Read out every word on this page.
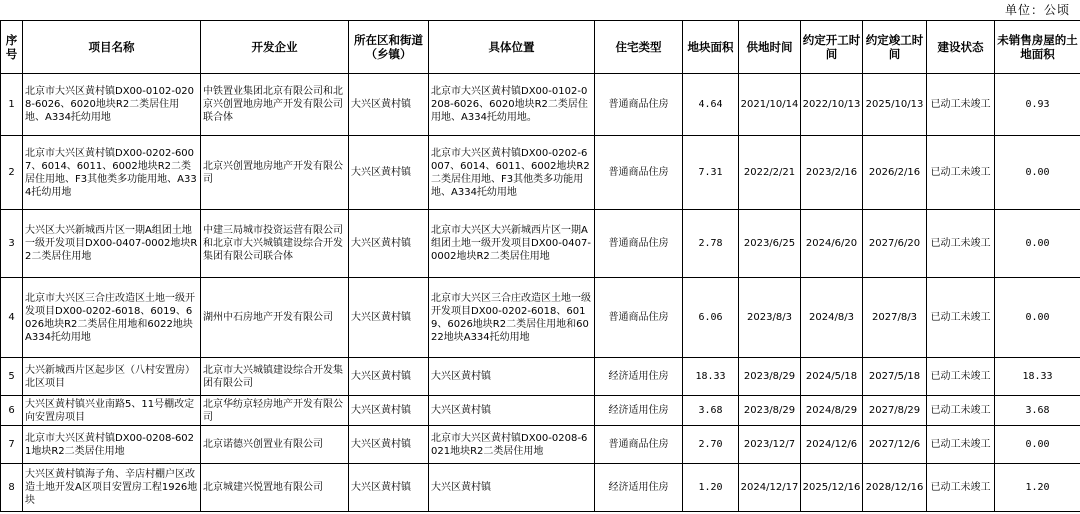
单位：公顷
序号	项目名称	开发企业	所在区和街道（乡镇）	具体位置	住宅类型	地块面积	供地时间	约定开工时间	约定竣工时间	建设状态	未销售房屋的土地面积
1	北京市大兴区黄村镇DX00-0102-0208-6026、6020地块R2二类居住用地、A334托幼用地	中铁置业集团北京有限公司和北京兴创置地房地产开发有限公司联合体	大兴区黄村镇	北京市大兴区黄村镇DX00-0102-0208-6026、6020地块R2二类居住用地、A334托幼用地。	普通商品住房	4.64	2021/10/14	2022/10/13	2025/10/13	已动工未竣工	0.93
2	北京市大兴区黄村镇DX00-0202-6007、6014、6011、6002地块R2二类居住用地、F3其他类多功能用地、A334托幼用地	北京兴创置地房地产开发有限公司	大兴区黄村镇	北京市大兴区黄村镇DX00-0202-6007、6014、6011、6002地块R2二类居住用地、F3其他类多功能用地、A334托幼用地	普通商品住房	7.31	2022/2/21	2023/2/16	2026/2/16	已动工未竣工	0.00
3	大兴区大兴新城西片区一期A组团土地一级开发项目DX00-0407-0002地块R2二类居住用地	中建三局城市投资运营有限公司和北京市大兴城镇建设综合开发集团有限公司联合体	大兴区黄村镇	北京市大兴区大兴新城西片区一期A组团土地一级开发项目DX00-0407-0002地块R2二类居住用地	普通商品住房	2.78	2023/6/25	2024/6/20	2027/6/20	已动工未竣工	0.00
4	北京市大兴区三合庄改造区土地一级开发项目DX00-0202-6018、6019、6026地块R2二类居住用地和6022地块A334托幼用地	湖州中石房地产开发有限公司	大兴区黄村镇	北京市大兴区三合庄改造区土地一级开发项目DX00-0202-6018、6019、6026地块R2二类居住用地和6022地块A334托幼用地	普通商品住房	6.06	2023/8/3	2024/8/3	2027/8/3	已动工未竣工	0.00
5	大兴新城西片区起步区（八村安置房）北区项目	北京市大兴城镇建设综合开发集团有限公司	大兴区黄村镇	大兴区黄村镇	经济适用住房	18.33	2023/8/29	2024/5/18	2027/5/18	已动工未竣工	18.33
6	大兴区黄村镇兴业南路5、11号棚改定向安置房项目	北京华纺京轻房地产开发有限公司	大兴区黄村镇	大兴区黄村镇	经济适用住房	3.68	2023/8/29	2024/8/29	2027/8/29	已动工未竣工	3.68
7	北京市大兴区黄村镇DX00-0208-6021地块R2二类居住用地	北京诺德兴创置业有限公司	大兴区黄村镇	北京市大兴区黄村镇DX00-0208-6021地块R2二类居住用地	普通商品住房	2.70	2023/12/7	2024/12/6	2027/12/6	已动工未竣工	0.00
8	大兴区黄村镇海子角、辛店村棚户区改造土地开发A区项目安置房工程1926地块	北京城建兴悦置地有限公司	大兴区黄村镇	大兴区黄村镇	经济适用住房	1.20	2024/12/17	2025/12/16	2028/12/16	已动工未竣工	1.20
